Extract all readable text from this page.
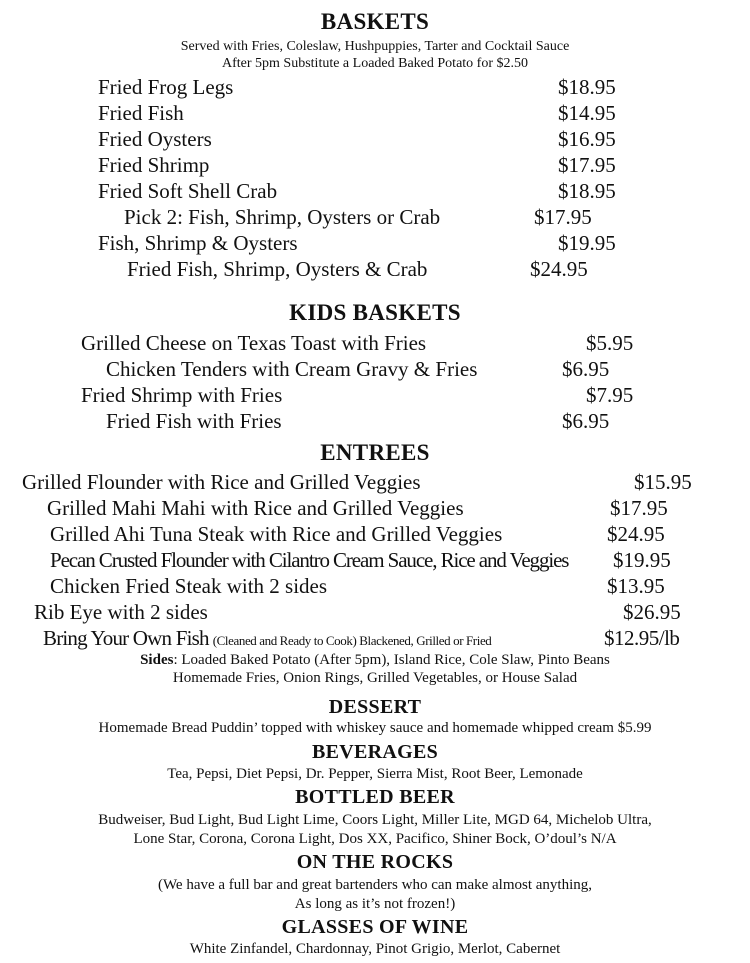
BASKETS
Served with Fries, Coleslaw, Hushpuppies, Tarter and Cocktail Sauce
After 5pm Substitute a Loaded Baked Potato for $2.50
Fried Frog Legs	$18.95
Fried Fish	$14.95
Fried Oysters	$16.95
Fried Shrimp	$17.95
Fried Soft Shell Crab	$18.95
Pick 2: Fish, Shrimp, Oysters or Crab	$17.95
Fish, Shrimp & Oysters	$19.95
Fried Fish, Shrimp, Oysters & Crab	$24.95
KIDS BASKETS
Grilled Cheese on Texas Toast with Fries	$5.95
Chicken Tenders with Cream Gravy & Fries	$6.95
Fried Shrimp with Fries	$7.95
Fried Fish with Fries	$6.95
ENTREES
Grilled Flounder with Rice and Grilled Veggies	$15.95
Grilled Mahi Mahi with Rice and Grilled Veggies	$17.95
Grilled Ahi Tuna Steak with Rice and Grilled Veggies	$24.95
Pecan Crusted Flounder with Cilantro Cream Sauce, Rice and Veggies $19.95
Chicken Fried Steak with 2 sides	$13.95
Rib Eye with 2 sides	$26.95
Bring Your Own Fish (Cleaned and Ready to Cook) Blackened, Grilled or Fried	$12.95/lb
Sides: Loaded Baked Potato (After 5pm), Island Rice, Cole Slaw, Pinto Beans
Homemade Fries, Onion Rings, Grilled Vegetables, or House Salad
DESSERT
Homemade Bread Puddin’ topped with whiskey sauce and homemade whipped cream $5.99
BEVERAGES
Tea, Pepsi, Diet Pepsi, Dr. Pepper, Sierra Mist, Root Beer, Lemonade
BOTTLED BEER
Budweiser, Bud Light, Bud Light Lime, Coors Light, Miller Lite, MGD 64, Michelob Ultra,
Lone Star, Corona, Corona Light, Dos XX, Pacifico, Shiner Bock, O’doul’s N/A
ON THE ROCKS
(We have a full bar and great bartenders who can make almost anything,
As long as it’s not frozen!)
GLASSES OF WINE
White Zinfandel, Chardonnay, Pinot Grigio, Merlot, Cabernet
